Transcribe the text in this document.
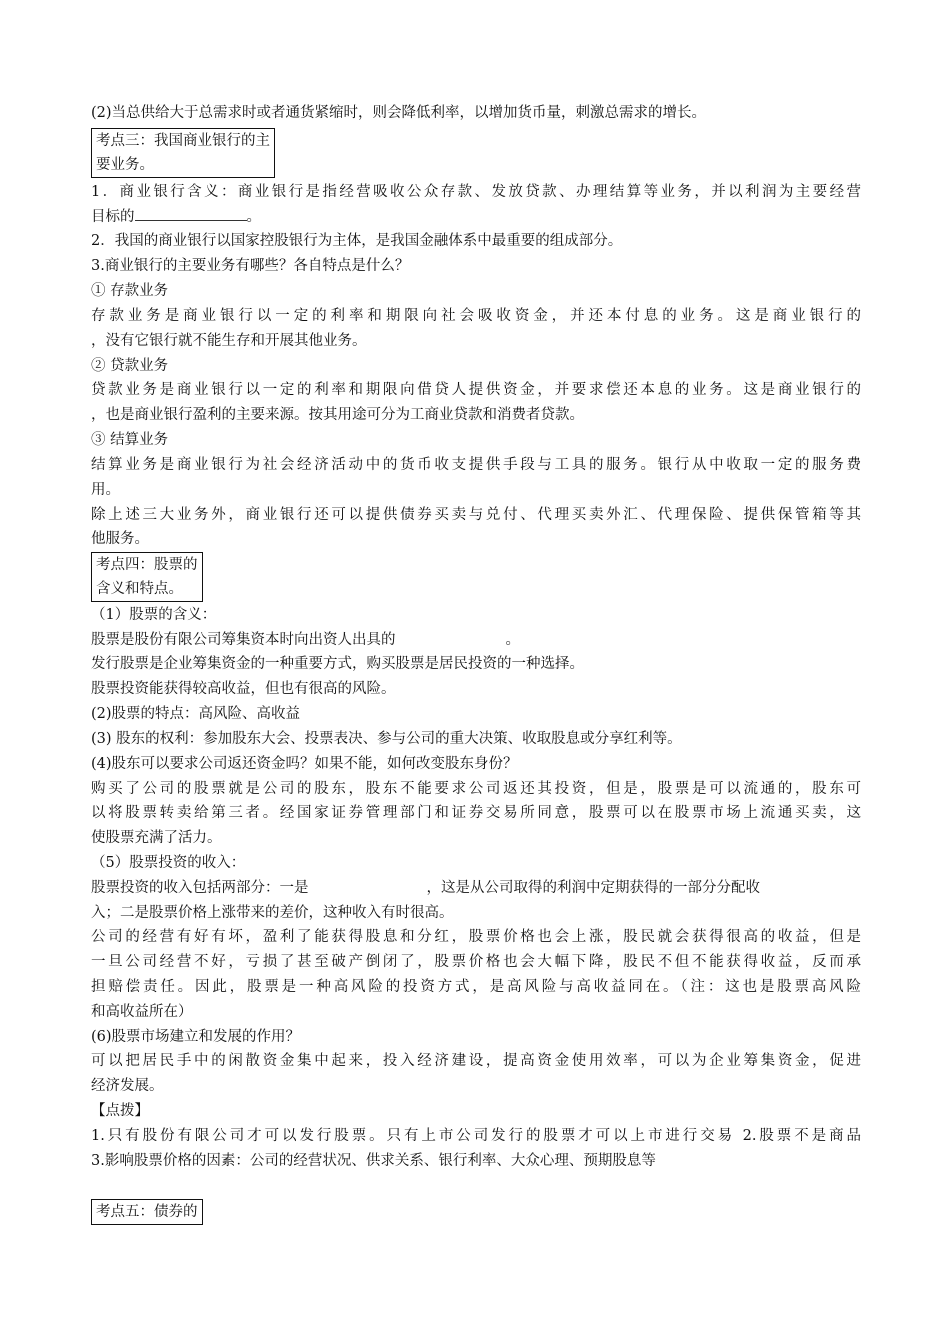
(2)当总供给大于总需求时或者通货紧缩时，则会降低利率，以增加货币量，刺激总需求的增长。
考点三：我国商业银行的主
要业务。
1．商业银行含义：商业银行是指经营吸收公众存款、发放贷款、办理结算等业务，并以利润为主要经营
目标的	。
2．我国的商业银行以国家控股银行为主体，是我国金融体系中最重要的组成部分。
3.商业银行的主要业务有哪些？各自特点是什么？
① 存款业务
存款业务是商业银行以一定的利率和期限向社会吸收资金，并还本付息的业务。这是商业银行的
，没有它银行就不能生存和开展其他业务。
② 贷款业务
贷款业务是商业银行以一定的利率和期限向借贷人提供资金，并要求偿还本息的业务。这是商业银行的
，也是商业银行盈利的主要来源。按其用途可分为工商业贷款和消费者贷款。
③ 结算业务
结算业务是商业银行为社会经济活动中的货币收支提供手段与工具的服务。银行从中收取一定的服务费
用。
除上述三大业务外，商业银行还可以提供债券买卖与兑付、代理买卖外汇、代理保险、提供保管箱等其
他服务。
考点四：股票的
含义和特点。
（1）股票的含义：
股票是股份有限公司筹集资本时向出资人出具的	。
发行股票是企业筹集资金的一种重要方式，购买股票是居民投资的一种选择。
股票投资能获得较高收益，但也有很高的风险。
(2)股票的特点：高风险、高收益
(3) 股东的权利：参加股东大会、投票表决、参与公司的重大决策、收取股息或分享红利等。
(4)股东可以要求公司返还资金吗？如果不能，如何改变股东身份？
购买了公司的股票就是公司的股东，股东不能要求公司返还其投资，但是，股票是可以流通的，股东可
以将股票转卖给第三者。经国家证券管理部门和证券交易所同意，股票可以在股票市场上流通买卖，这
使股票充满了活力。
（5）股票投资的收入：
股票投资的收入包括两部分：一是	，这是从公司取得的利润中定期获得的一部分分配收
入；二是股票价格上涨带来的差价，这种收入有时很高。
公司的经营有好有坏，盈利了能获得股息和分红，股票价格也会上涨，股民就会获得很高的收益，但是
一旦公司经营不好，亏损了甚至破产倒闭了，股票价格也会大幅下降，股民不但不能获得收益，反而承
担赔偿责任。因此，股票是一种高风险的投资方式，是高风险与高收益同在。（注：这也是股票高风险
和高收益所在）
(6)股票市场建立和发展的作用？
可以把居民手中的闲散资金集中起来，投入经济建设，提高资金使用效率，可以为企业筹集资金，促进
经济发展。
【点拨】
1.只有股份有限公司才可以发行股票。只有上市公司发行的股票才可以上市进行交易 2.股票不是商品
3.影响股票价格的因素：公司的经营状况、供求关系、银行利率、大众心理、预期股息等
考点五：债券的
